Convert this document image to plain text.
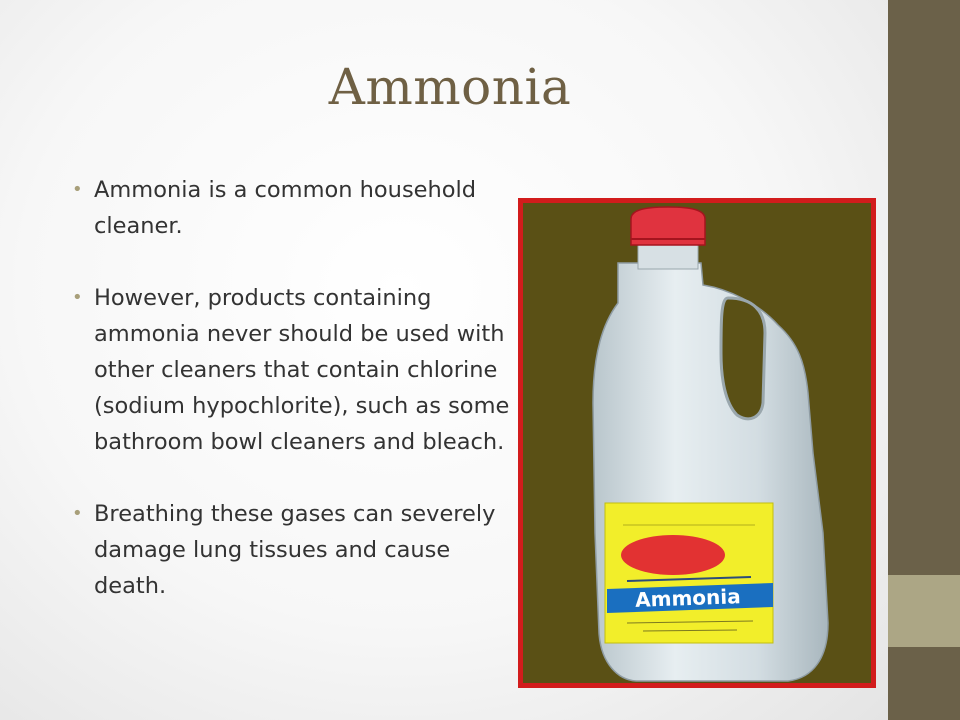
Ammonia
• Ammonia is a common household cleaner.
• However, products containing ammonia never should be used with other cleaners that contain chlorine (sodium hypochlorite), such as some bathroom bowl cleaners and bleach.
• Breathing these gases can severely damage lung tissues and cause death.	Ammonia
